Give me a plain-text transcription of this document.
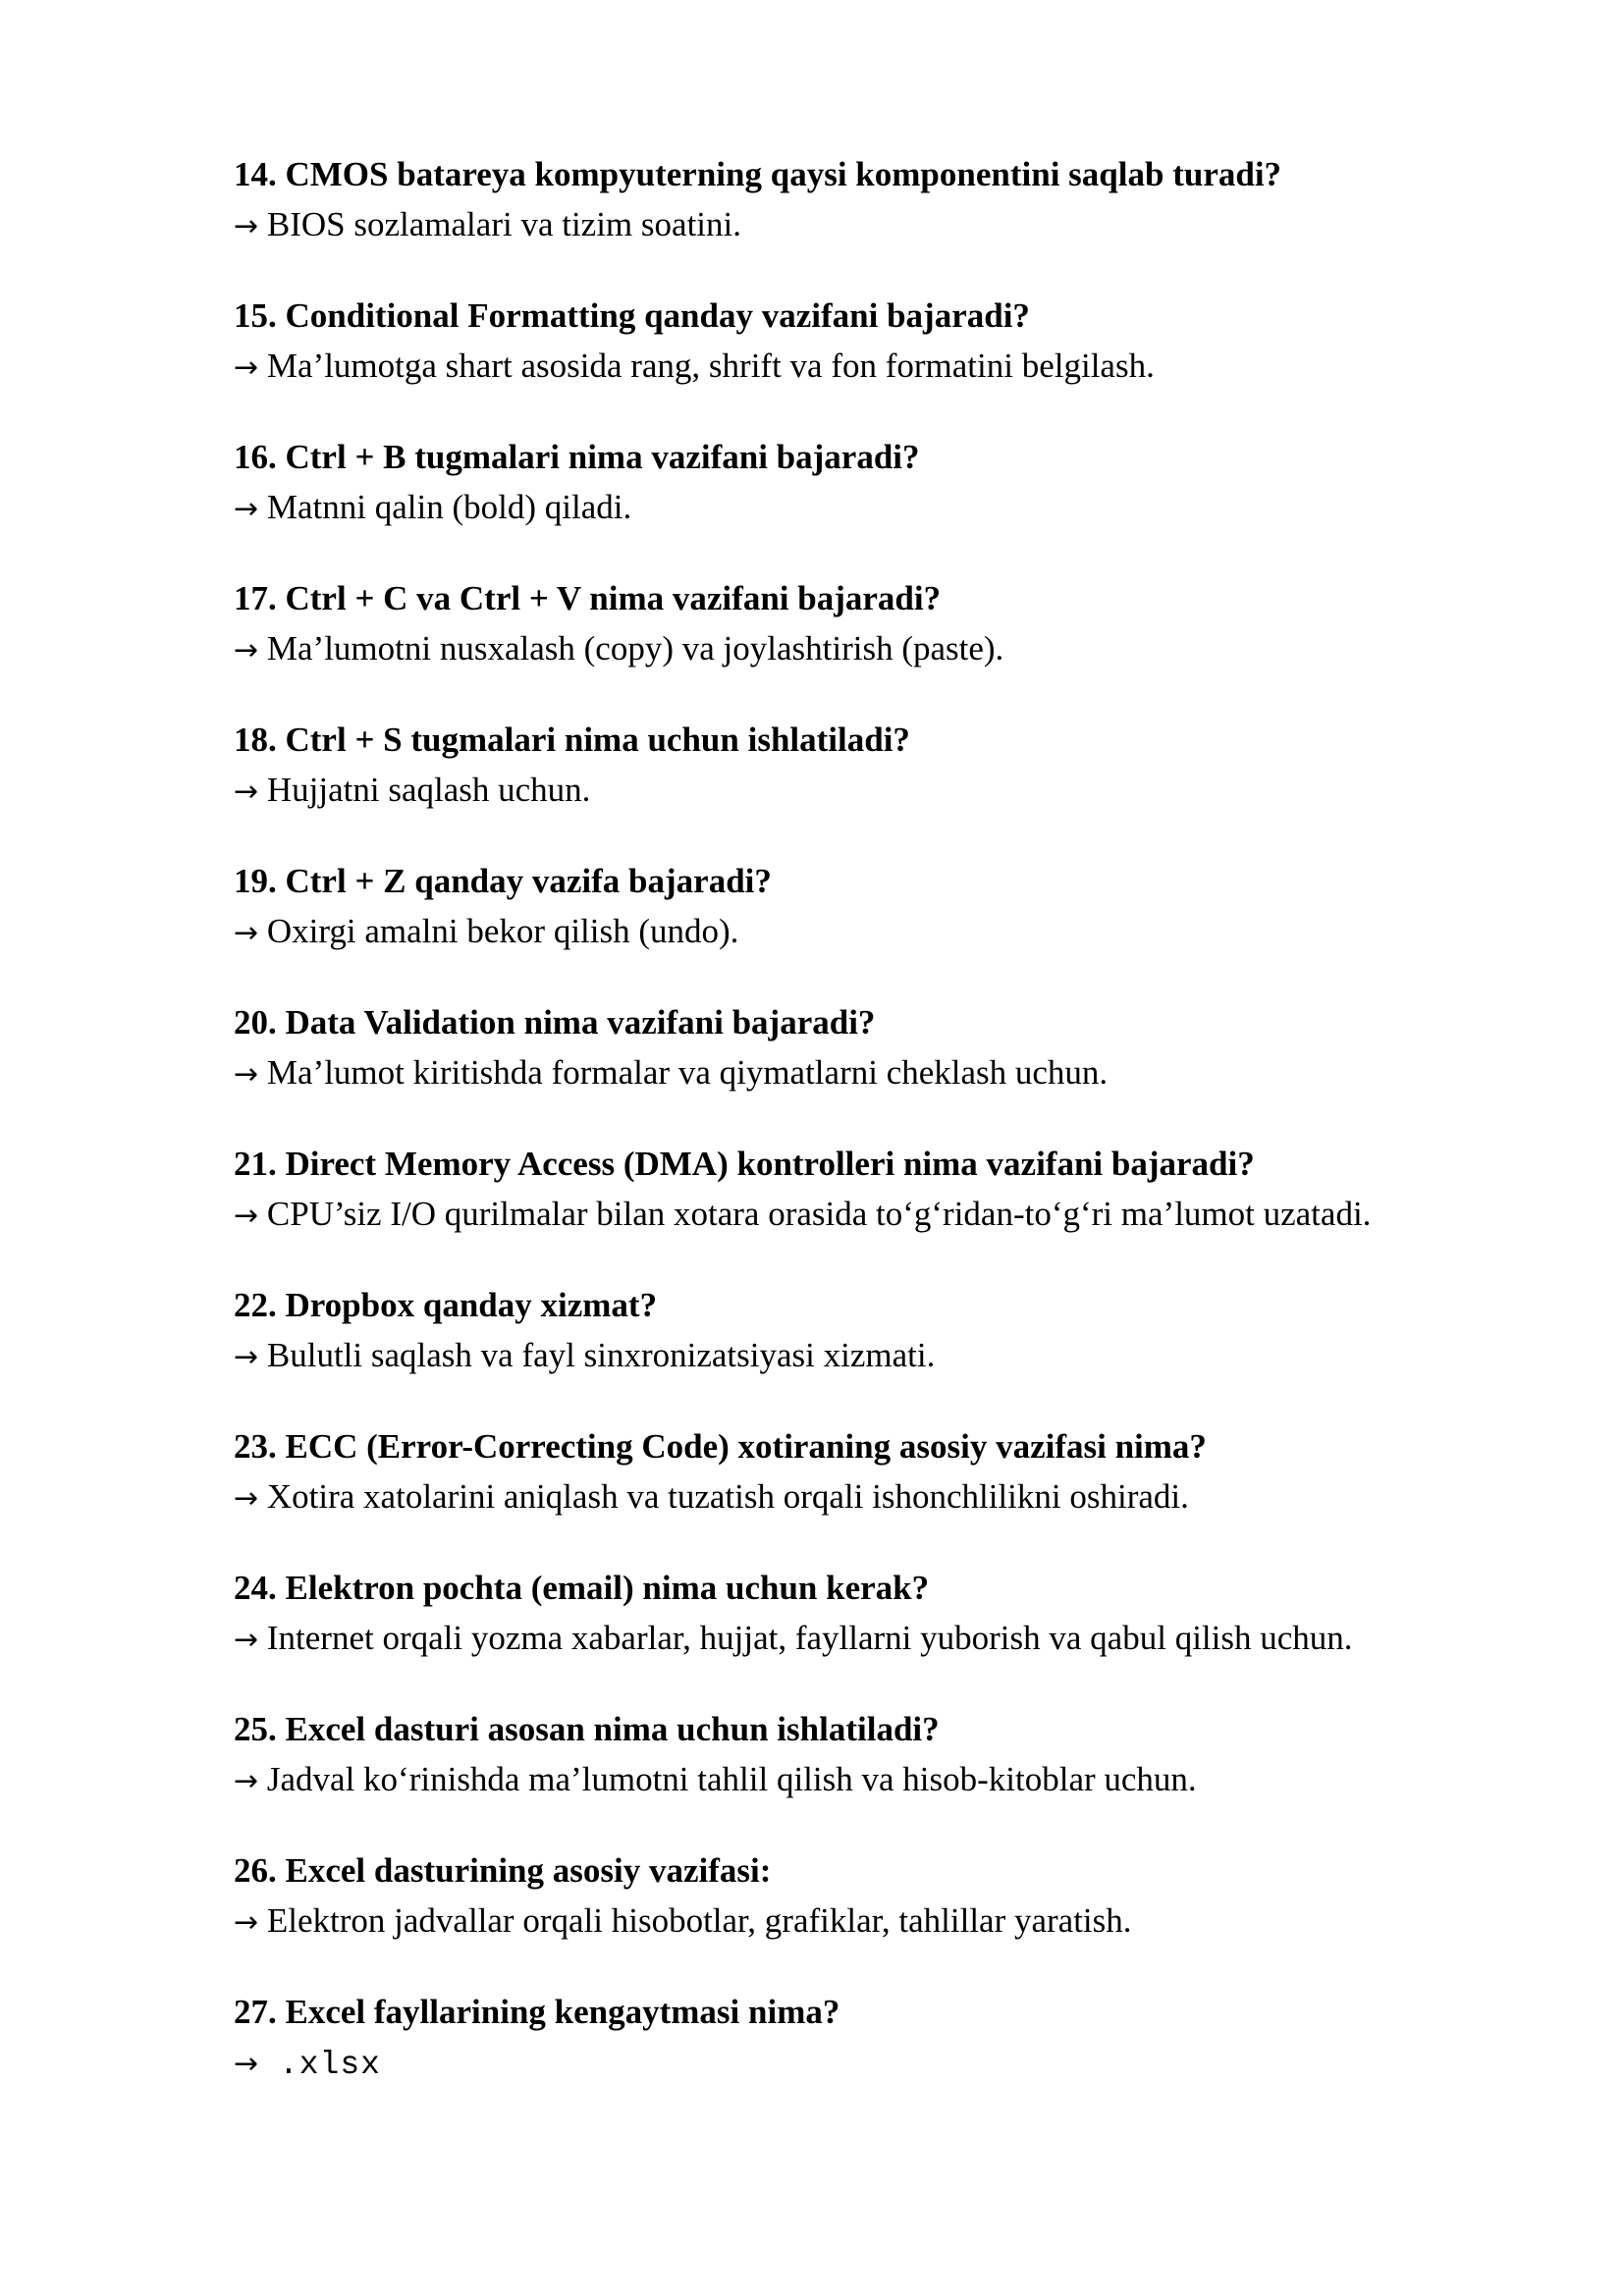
14. CMOS batareya kompyuterning qaysi komponentini saqlab turadi?

→ BIOS sozlamalari va tizim soatini.

15. Conditional Formatting qanday vazifani bajaradi?

→ Ma’lumotga shart asosida rang, shrift va fon formatini belgilash.

16. Ctrl + B tugmalari nima vazifani bajaradi?

→ Matnni qalin (bold) qiladi.

17. Ctrl + C va Ctrl + V nima vazifani bajaradi?

→ Ma’lumotni nusxalash (copy) va joylashtirish (paste).

18. Ctrl + S tugmalari nima uchun ishlatiladi?

→ Hujjatni saqlash uchun.

19. Ctrl + Z qanday vazifa bajaradi?

→ Oxirgi amalni bekor qilish (undo).

20. Data Validation nima vazifani bajaradi?

→ Ma’lumot kiritishda formalar va qiymatlarni cheklash uchun.

21. Direct Memory Access (DMA) kontrolleri nima vazifani bajaradi?

→ CPU’siz I/O qurilmalar bilan xotara orasida to‘g‘ridan-to‘g‘ri ma’lumot uzatadi.

22. Dropbox qanday xizmat?

→ Bulutli saqlash va fayl sinxronizatsiyasi xizmati.

23. ECC (Error-Correcting Code) xotiraning asosiy vazifasi nima?

→ Xotira xatolarini aniqlash va tuzatish orqali ishonchlilikni oshiradi.

24. Elektron pochta (email) nima uchun kerak?

→ Internet orqali yozma xabarlar, hujjat, fayllarni yuborish va qabul qilish uchun.

25. Excel dasturi asosan nima uchun ishlatiladi?

→ Jadval ko‘rinishda ma’lumotni tahlil qilish va hisob-kitoblar uchun.

26. Excel dasturining asosiy vazifasi:

→ Elektron jadvallar orqali hisobotlar, grafiklar, tahlillar yaratish.

27. Excel fayllarining kengaytmasi nima?

→ .xlsx
